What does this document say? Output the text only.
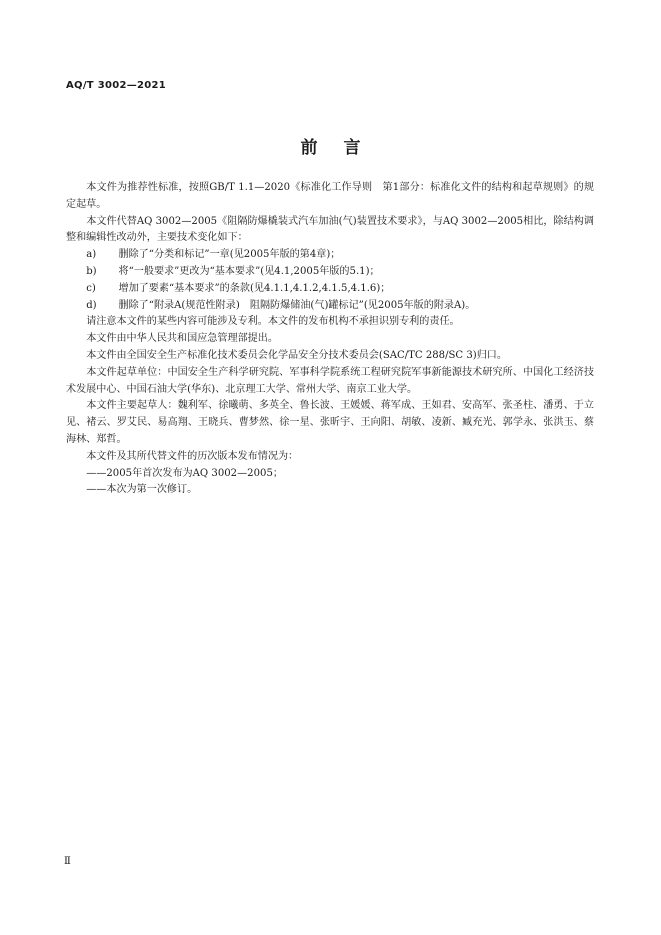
AQ/T 3002—2021

前言

本文件为推荐性标准，按照GB/T 1.1—2020《标准化工作导则　第1部分：标准化文件的结构和起草规则》的规定起草。

本文件代替AQ 3002—2005《阻隔防爆橇装式汽车加油(气)装置技术要求》，与AQ 3002—2005相比，除结构调整和编辑性改动外，主要技术变化如下：

a)	删除了“分类和标记”一章(见2005年版的第4章)；

b)	将“一般要求”更改为“基本要求”(见4.1,2005年版的5.1)；

c)	增加了要素“基本要求”的条款(见4.1.1,4.1.2,4.1.5,4.1.6)；

d)	删除了“附录A(规范性附录)　阻隔防爆储油(气)罐标记”(见2005年版的附录A)。

请注意本文件的某些内容可能涉及专利。本文件的发布机构不承担识别专利的责任。

本文件由中华人民共和国应急管理部提出。

本文件由全国安全生产标准化技术委员会化学品安全分技术委员会(SAC/TC 288/SC 3)归口。

本文件起草单位：中国安全生产科学研究院、军事科学院系统工程研究院军事新能源技术研究所、中国化工经济技术发展中心、中国石油大学(华东)、北京理工大学、常州大学、南京工业大学。

本文件主要起草人：魏利军、徐曦萌、多英全、鲁长波、王媛媛、蒋军成、王如君、安高军、张圣柱、潘勇、于立见、褚云、罗艾民、易高翔、王晓兵、曹梦然、徐一星、张昕宇、王向阳、胡敏、凌新、臧充光、郭学永、张洪玉、蔡海林、郑哲。

本文件及其所代替文件的历次版本发布情况为：

——2005年首次发布为AQ 3002—2005；

——本次为第一次修订。

Ⅱ
